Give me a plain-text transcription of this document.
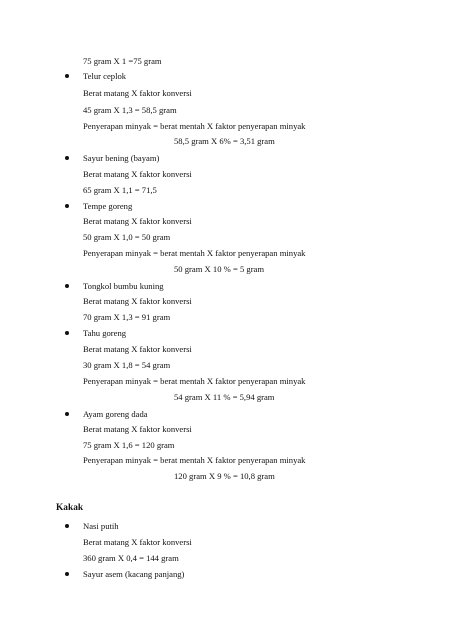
75 gram X 1 =75 gram
Telur ceplok
Berat matang X faktor konversi
45 gram X 1,3 = 58,5 gram
Penyerapan minyak = berat mentah X faktor penyerapan minyak
58,5 gram X 6% = 3,51 gram
Sayur bening (bayam)
Berat matang X faktor konversi
65 gram X 1,1 = 71,5
Tempe goreng
Berat matang X faktor konversi
50 gram X 1,0 = 50 gram
Penyerapan minyak = berat mentah X faktor penyerapan minyak
50 gram X 10 % = 5 gram
Tongkol bumbu kuning
Berat matang X faktor konversi
70 gram X 1,3 = 91 gram
Tahu goreng
Berat matang X faktor konversi
30 gram X 1,8 = 54 gram
Penyerapan minyak = berat mentah X faktor penyerapan minyak
54 gram X 11 % = 5,94 gram
Ayam goreng dada
Berat matang X faktor konversi
75 gram X 1,6 = 120 gram
Penyerapan minyak = berat mentah X faktor penyerapan minyak
120 gram X 9 % = 10,8 gram
Kakak
Nasi putih
Berat matang X faktor konversi
360 gram X 0,4 = 144 gram
Sayur asem (kacang panjang)
